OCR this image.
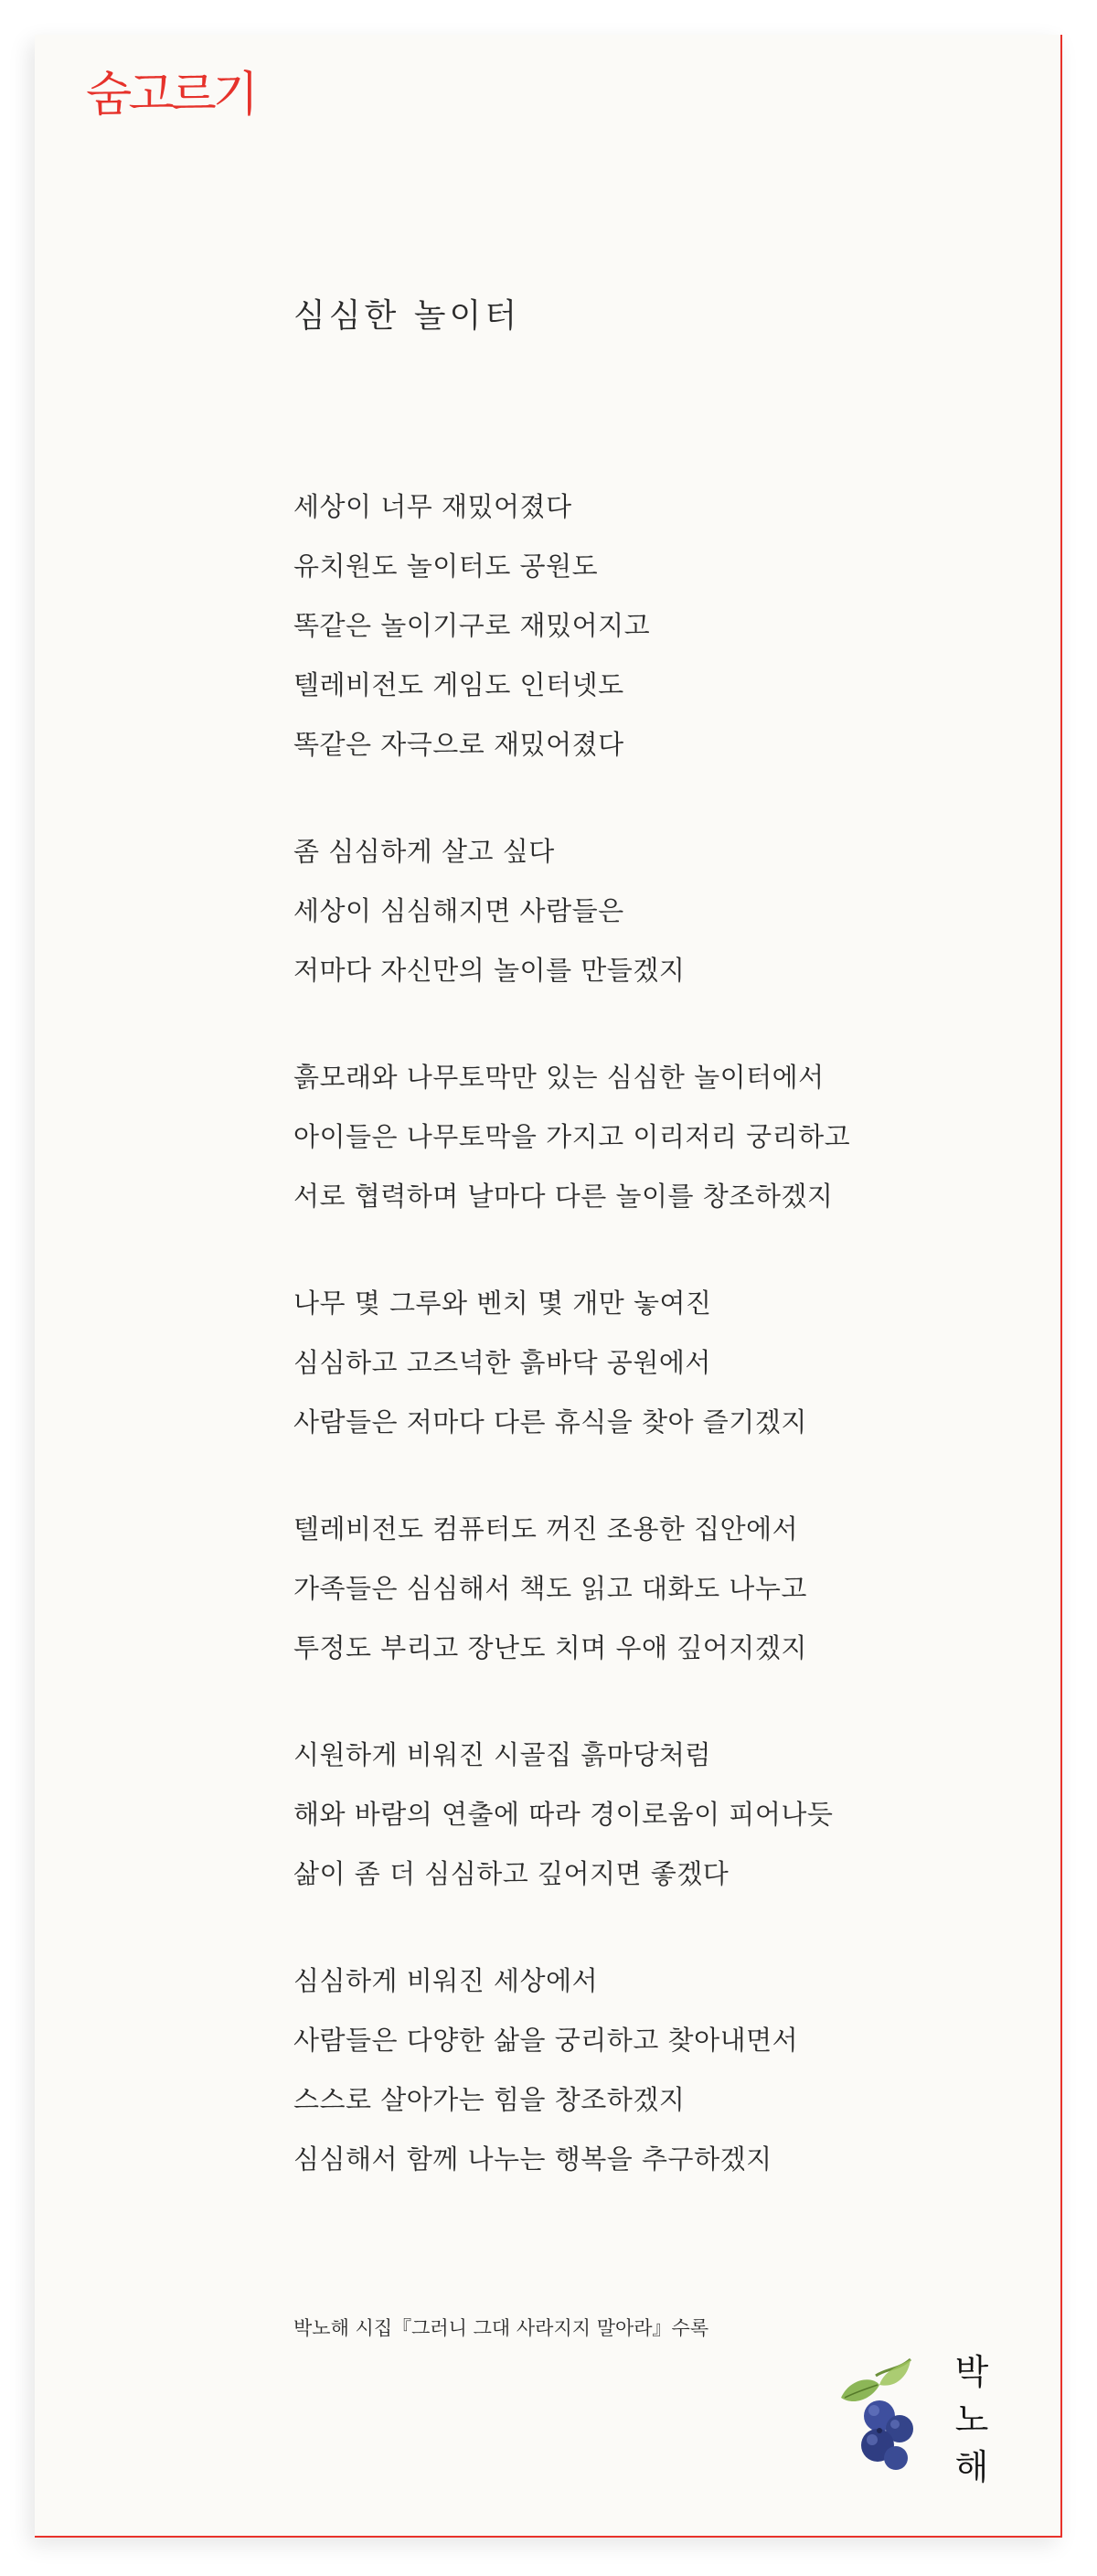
숨고르기
심심한 놀이터
세상이 너무 재밌어졌다
유치원도 놀이터도 공원도
똑같은 놀이기구로 재밌어지고
텔레비전도 게임도 인터넷도
똑같은 자극으로 재밌어졌다
좀 심심하게 살고 싶다
세상이 심심해지면 사람들은
저마다 자신만의 놀이를 만들겠지
흙모래와 나무토막만 있는 심심한 놀이터에서
아이들은 나무토막을 가지고 이리저리 궁리하고
서로 협력하며 날마다 다른 놀이를 창조하겠지
나무 몇 그루와 벤치 몇 개만 놓여진
심심하고 고즈넉한 흙바닥 공원에서
사람들은 저마다 다른 휴식을 찾아 즐기겠지
텔레비전도 컴퓨터도 꺼진 조용한 집안에서
가족들은 심심해서 책도 읽고 대화도 나누고
투정도 부리고 장난도 치며 우애 깊어지겠지
시원하게 비워진 시골집 흙마당처럼
해와 바람의 연출에 따라 경이로움이 피어나듯
삶이 좀 더 심심하고 깊어지면 좋겠다
심심하게 비워진 세상에서
사람들은 다양한 삶을 궁리하고 찾아내면서
스스로 살아가는 힘을 창조하겠지
심심해서 함께 나누는 행복을 추구하겠지
박노해 시집『그러니 그대 사라지지 말아라』수록
박
노
해
